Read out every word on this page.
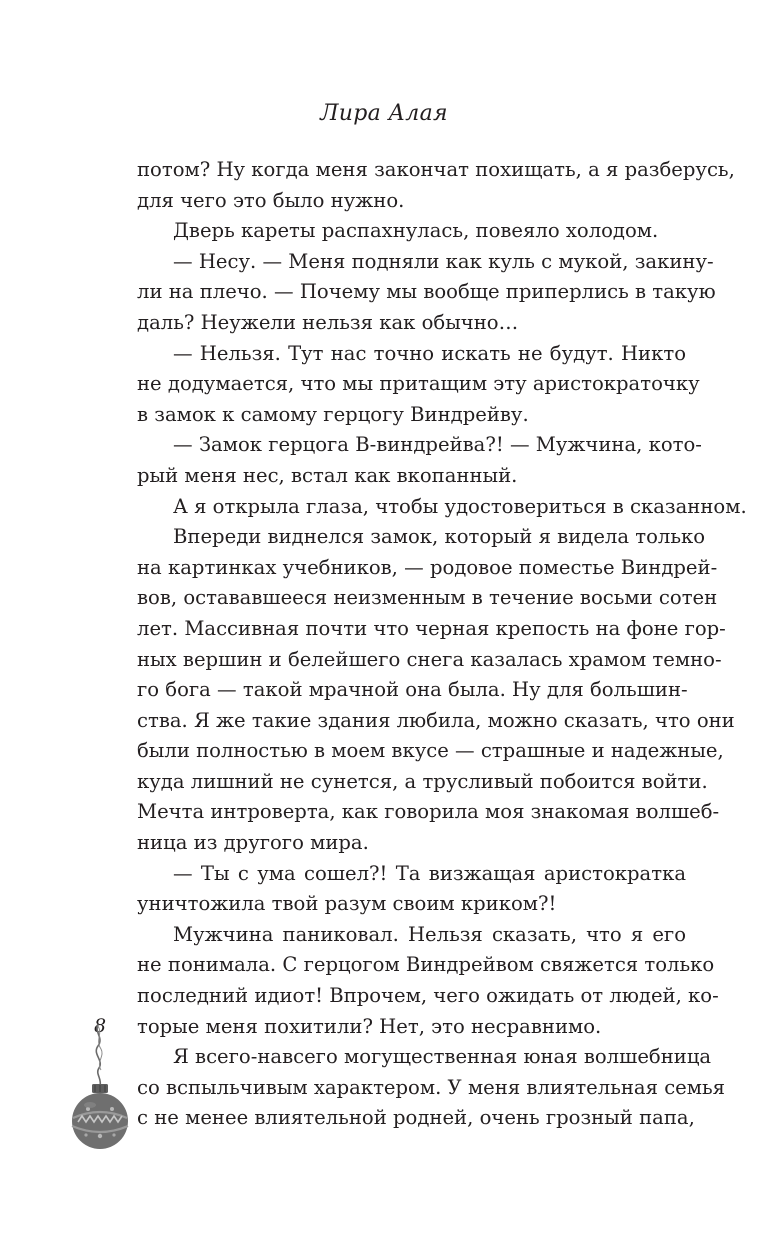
Лира Алая
потом? Ну когда меня закончат похищать, а я разберусь,
для чего это было нужно.
Дверь кареты распахнулась, повеяло холодом.
— Несу. — Меня подняли как куль с мукой, закину-
ли на плечо. — Почему мы вообще приперлись в такую
даль? Неужели нельзя как обычно…
— Нельзя. Тут нас точно искать не будут. Никто
не додумается, что мы притащим эту аристократочку
в замок к самому герцогу Виндрейву.
— Замок герцога В-виндрейва?! — Мужчина, кото-
рый меня нес, встал как вкопанный.
А я открыла глаза, чтобы удостовериться в сказанном.
Впереди виднелся замок, который я видела только
на картинках учебников, — родовое поместье Виндрей-
вов, остававшееся неизменным в течение восьми сотен
лет. Массивная почти что черная крепость на фоне гор-
ных вершин и белейшего снега казалась храмом темно-
го бога — такой мрачной она была. Ну для большин-
ства. Я же такие здания любила, можно сказать, что они
были полностью в моем вкусе — страшные и надежные,
куда лишний не сунется, а трусливый побоится войти.
Мечта интроверта, как говорила моя знакомая волшеб-
ница из другого мира.
— Ты с ума сошел?! Та визжащая аристократка
уничтожила твой разум своим криком?!
Мужчина паниковал. Нельзя сказать, что я его
не понимала. С герцогом Виндрейвом свяжется только
последний идиот! Впрочем, чего ожидать от людей, ко-
торые меня похитили? Нет, это несравнимо.
Я всего-навсего могущественная юная волшебница
со вспыльчивым характером. У меня влиятельная семья
с не менее влиятельной родней, очень грозный папа,
8
